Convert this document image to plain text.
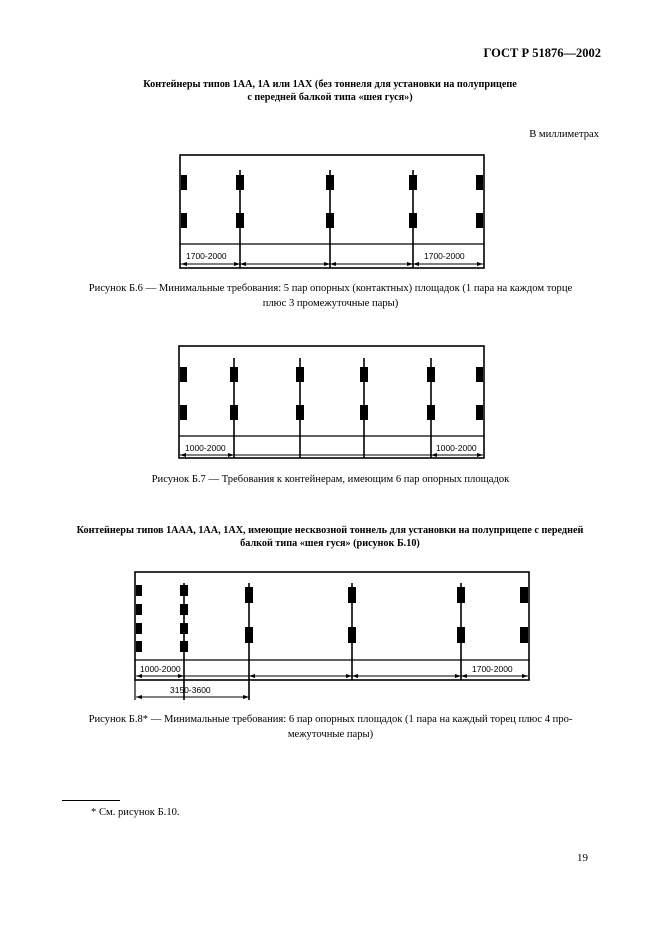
ГОСТ Р 51876—2002
Контейнеры типов 1АА, 1А или 1АХ (без тоннеля для установки на полуприцепе
с передней балкой типа «шея гуся»)
В миллиметрах
1700-2000	1700-2000
Рисунок Б.6 — Минимальные требования: 5 пар опорных (контактных) площадок (1 пара на каждом торце
плюс 3 промежуточные пары)
1000-2000	1000-2000
Рисунок Б.7 — Требования к контейнерам, имеющим 6 пар опорных площадок
Контейнеры типов 1ААА, 1АА, 1АХ, имеющие несквозной тоннель для установки на полуприцепе с передней
балкой типа «шея гуся» (рисунок Б.10)
1000-2000
3150-3600
1700-2000
Рисунок Б.8* — Минимальные требования: 6 пар опорных площадок (1 пара на каждый торец плюс 4 про-
межуточные пары)
* См. рисунок Б.10.
19
